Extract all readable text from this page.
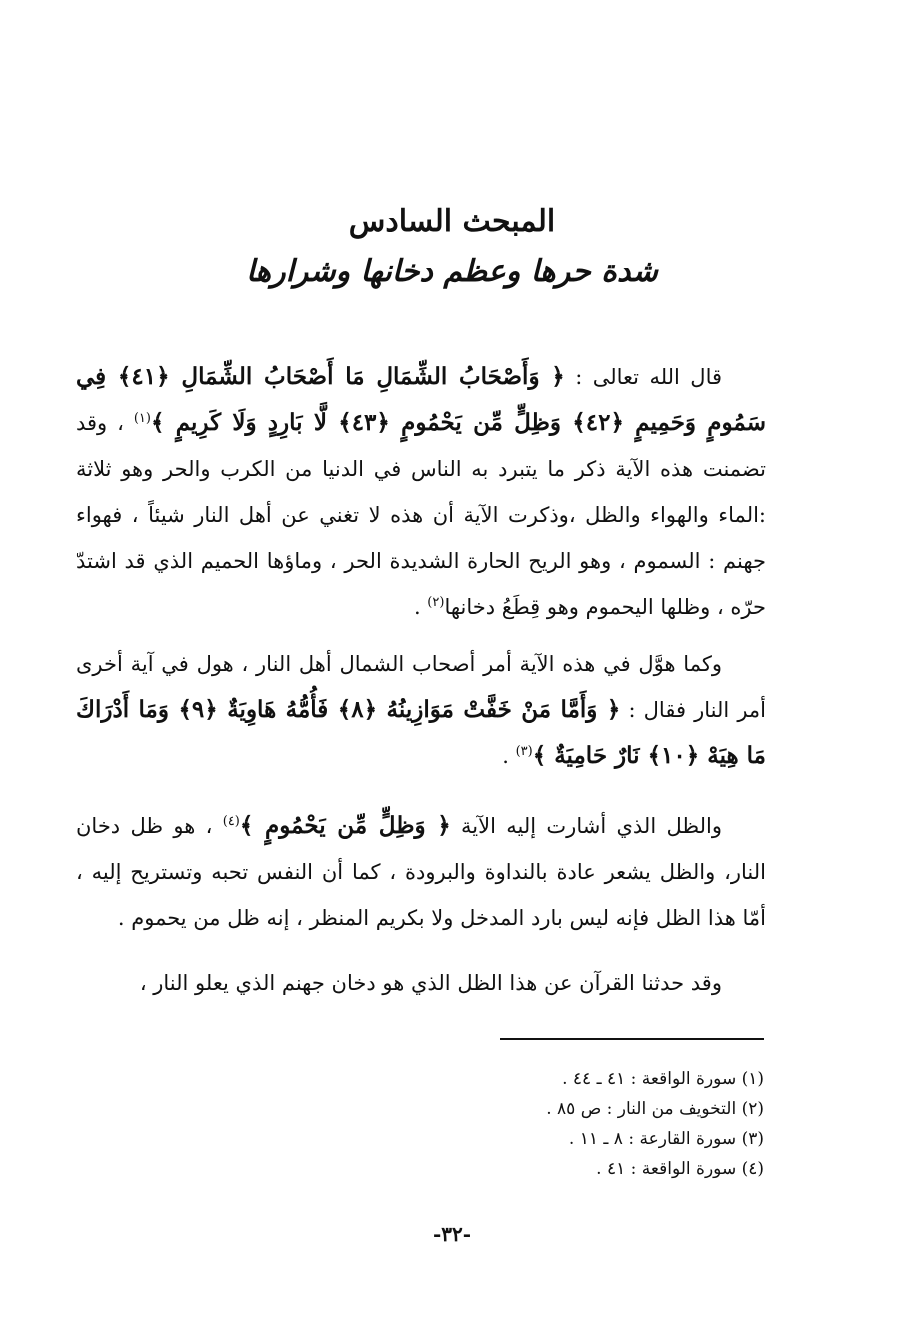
المبحث السادس
شدة حرها وعظم دخانها وشرارها
قال الله تعالى : ﴿ وَأَصْحَابُ الشِّمَالِ مَا أَصْحَابُ الشِّمَالِ ﴿٤١﴾ فِي سَمُومٍ وَحَمِيمٍ ﴿٤٢﴾ وَظِلٍّ مِّن يَحْمُومٍ ﴿٤٣﴾ لَّا بَارِدٍ وَلَا كَرِيمٍ ﴾$^{(١)}$ ، وقد تضمنت هذه الآية ذكر ما يتبرد به الناس في الدنيا من الكرب والحر وهو ثلاثة :الماء والهواء والظل ،وذكرت الآية أن هذه لا تغني عن أهل النار شيئاً ، فهواء جهنم : السموم ، وهو الريح الحارة الشديدة الحر ، وماؤها الحميم الذي قد اشتدّ حرّه ، وظلها اليحموم وهو قِطَعُ دخانها$^{(٢)}$ .
وكما هوَّل في هذه الآية أمر أصحاب الشمال أهل النار ، هول في آية أخرى أمر النار فقال : ﴿ وَأَمَّا مَنْ خَفَّتْ مَوَازِينُهُ ﴿٨﴾ فَأُمُّهُ هَاوِيَةٌ ﴿٩﴾ وَمَا أَدْرَاكَ مَا هِيَهْ ﴿١٠﴾ نَارٌ حَامِيَةٌ ﴾$^{(٣)}$ .
والظل الذي أشارت إليه الآية ﴿ وَظِلٍّ مِّن يَحْمُومٍ ﴾$^{(٤)}$ ، هو ظل دخان النار، والظل يشعر عادة بالنداوة والبرودة ، كما أن النفس تحبه وتستريح إليه ، أمّا هذا الظل فإنه ليس بارد المدخل ولا بكريم المنظر ، إنه ظل من يحموم .
وقد حدثنا القرآن عن هذا الظل الذي هو دخان جهنم الذي يعلو النار ،
(١) سورة الواقعة : ٤١ ـ ٤٤ .
(٢) التخويف من النار : ص ٨٥ .
(٣) سورة القارعة : ٨ ـ ١١ .
(٤) سورة الواقعة : ٤١ .
-٣٢-
